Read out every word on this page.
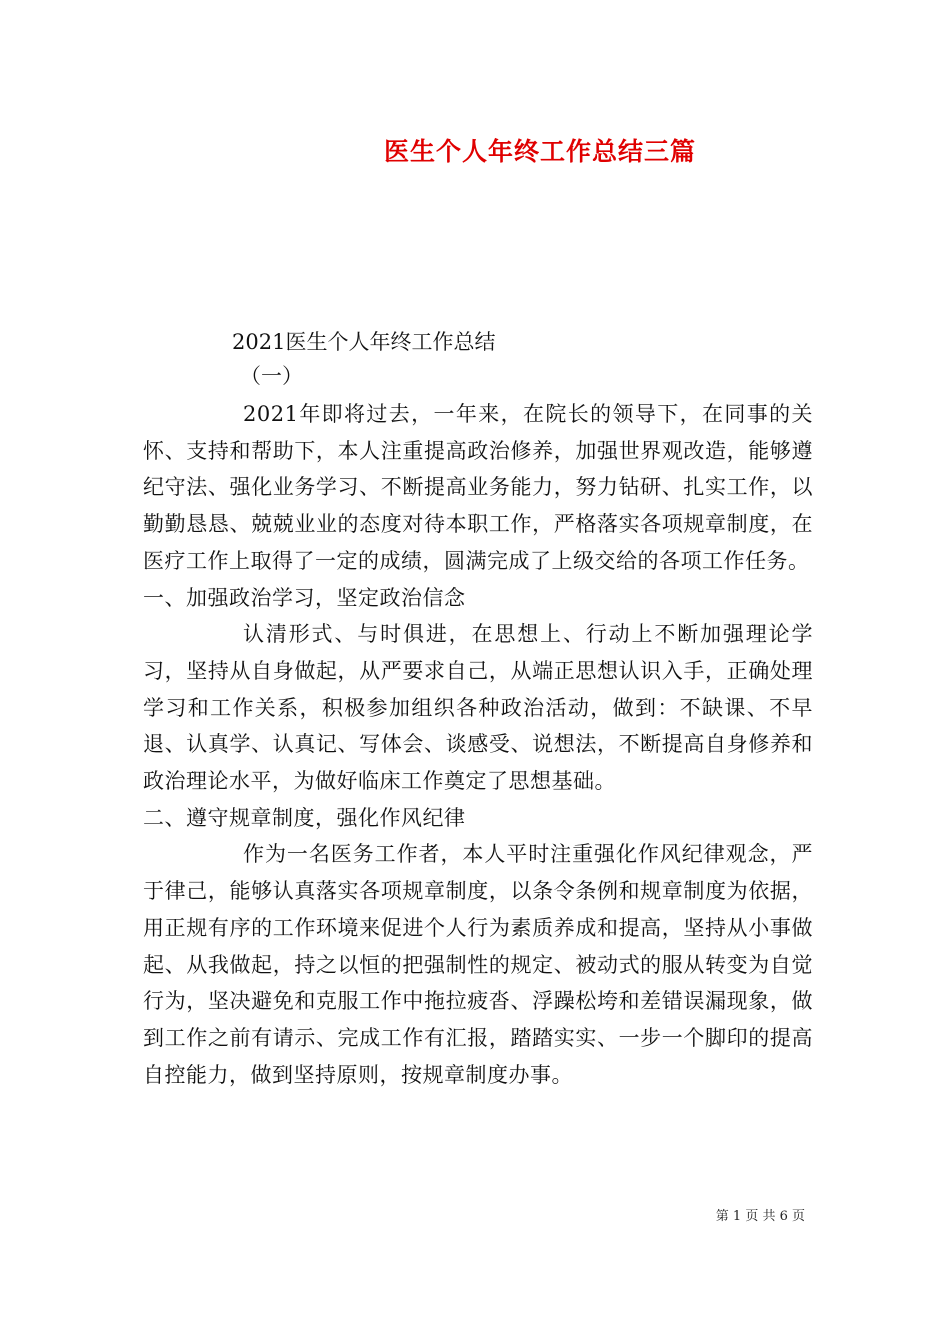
医生个人年终工作总结三篇
2021医生个人年终工作总结
（一）

2021年即将过去，一年来，在院长的领导下，在同事的关怀、支持和帮助下，本人注重提高政治修养，加强世界观改造，能够遵纪守法、强化业务学习、不断提高业务能力，努力钻研、扎实工作，以勤勤恳恳、兢兢业业的态度对待本职工作，严格落实各项规章制度，在医疗工作上取得了一定的成绩，圆满完成了上级交给的各项工作任务。

一、加强政治学习，坚定政治信念

认清形式、与时俱进，在思想上、行动上不断加强理论学习，坚持从自身做起，从严要求自己，从端正思想认识入手，正确处理学习和工作关系，积极参加组织各种政治活动，做到：不缺课、不早退、认真学、认真记、写体会、谈感受、说想法，不断提高自身修养和政治理论水平，为做好临床工作奠定了思想基础。

二、遵守规章制度，强化作风纪律

作为一名医务工作者，本人平时注重强化作风纪律观念，严于律己，能够认真落实各项规章制度，以条令条例和规章制度为依据，用正规有序的工作环境来促进个人行为素质养成和提高，坚持从小事做起、从我做起，持之以恒的把强制性的规定、被动式的服从转变为自觉行为，坚决避免和克服工作中拖拉疲沓、浮躁松垮和差错误漏现象，做到工作之前有请示、完成工作有汇报，踏踏实实、一步一个脚印的提高自控能力，做到坚持原则，按规章制度办事。

第 1 页 共 6 页
